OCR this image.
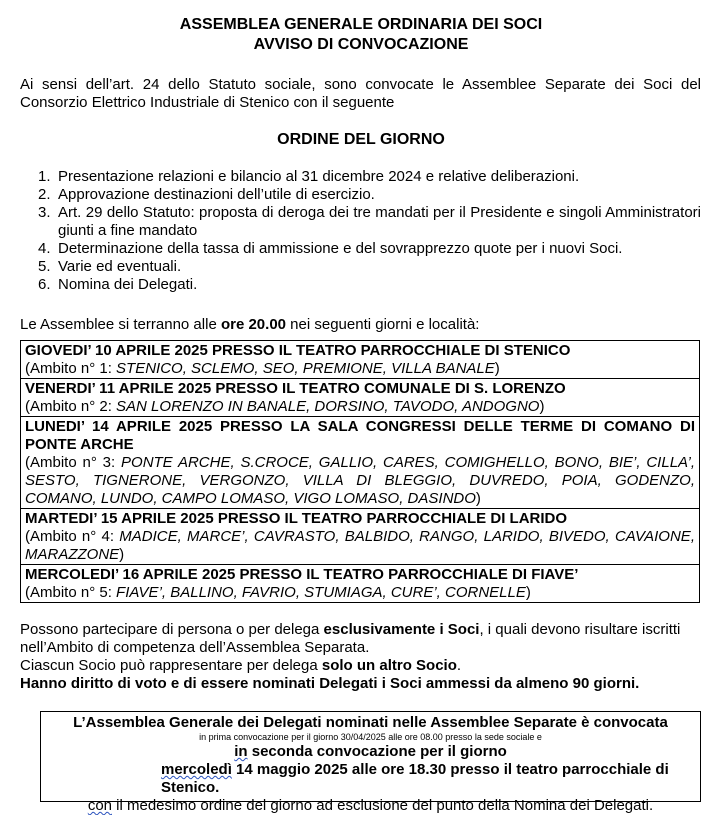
ASSEMBLEA GENERALE ORDINARIA DEI SOCI
AVVISO DI CONVOCAZIONE
Ai sensi dell’art. 24 dello Statuto sociale, sono convocate le Assemblee Separate dei Soci del Consorzio Elettrico Industriale di Stenico con il seguente
ORDINE DEL GIORNO
1. Presentazione relazioni e bilancio al 31 dicembre 2024 e relative deliberazioni.
2. Approvazione destinazioni dell’utile di esercizio.
3. Art. 29 dello Statuto: proposta di deroga dei tre mandati per il Presidente e singoli Amministratori giunti a fine mandato
4. Determinazione della tassa di ammissione e del sovrapprezzo quote per i nuovi Soci.
5. Varie ed eventuali.
6. Nomina dei Delegati.
Le Assemblee si terranno alle ore 20.00 nei seguenti giorni e località:
GIOVEDI’ 10 APRILE 2025 PRESSO IL TEATRO PARROCCHIALE DI STENICO
(Ambito n° 1: STENICO, SCLEMO, SEO, PREMIONE, VILLA BANALE)
VENERDI’ 11 APRILE 2025 PRESSO IL TEATRO COMUNALE DI S. LORENZO
(Ambito n° 2: SAN LORENZO IN BANALE, DORSINO, TAVODO, ANDOGNO)
LUNEDI’ 14 APRILE 2025 PRESSO LA SALA CONGRESSI DELLE TERME DI COMANO DI PONTE ARCHE
(Ambito n° 3: PONTE ARCHE, S.CROCE, GALLIO, CARES, COMIGHELLO, BONO, BIE’, CILLA’, SESTO, TIGNERONE, VERGONZO, VILLA DI BLEGGIO, DUVREDO, POIA, GODENZO, COMANO, LUNDO, CAMPO LOMASO, VIGO LOMASO, DASINDO)
MARTEDI’ 15 APRILE 2025 PRESSO IL TEATRO PARROCCHIALE DI LARIDO
(Ambito n° 4: MADICE, MARCE’, CAVRASTO, BALBIDO, RANGO, LARIDO, BIVEDO, CAVAIONE, MARAZZONE)
MERCOLEDI’ 16 APRILE 2025 PRESSO IL TEATRO PARROCCHIALE DI FIAVE’
(Ambito n° 5: FIAVE’, BALLINO, FAVRIO, STUMIAGA, CURE’, CORNELLE)

Possono partecipare di persona o per delega esclusivamente i Soci, i quali devono risultare iscritti nell’Ambito di competenza dell’Assemblea Separata.

Ciascun Socio può rappresentare per delega solo un altro Socio.

Hanno diritto di voto e di essere nominati Delegati i Soci ammessi da almeno 90 giorni.

L’Assemblea Generale dei Delegati nominati nelle Assemblee Separate è convocata
in prima convocazione per il giorno 30/04/2025 alle ore 08.00 presso la sede sociale e
in seconda convocazione per il giorno
mercoledì 14 maggio 2025 alle ore 18.30 presso il teatro parrocchiale di Stenico.
con il medesimo ordine del giorno ad esclusione del punto della Nomina dei Delegati.
